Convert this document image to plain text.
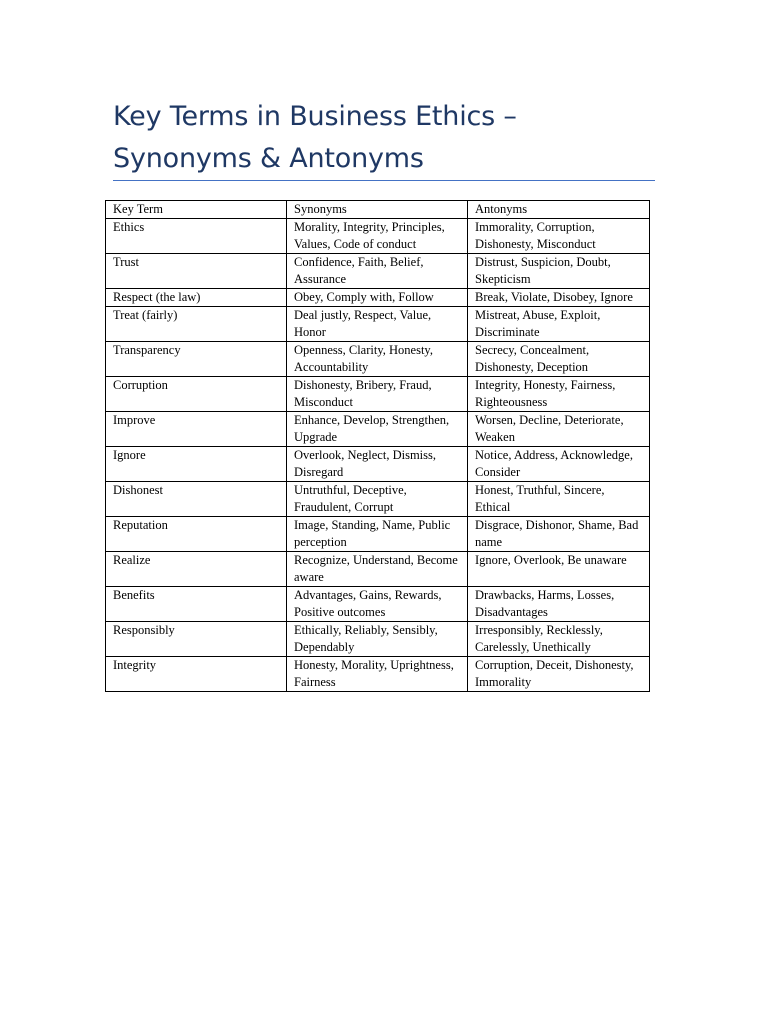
Key Terms in Business Ethics – Synonyms & Antonyms
Key Term	Synonyms	Antonyms
Ethics	Morality, Integrity, Principles, Values, Code of conduct	Immorality, Corruption, Dishonesty, Misconduct
Trust	Confidence, Faith, Belief, Assurance	Distrust, Suspicion, Doubt, Skepticism
Respect (the law)	Obey, Comply with, Follow	Break, Violate, Disobey, Ignore
Treat (fairly)	Deal justly, Respect, Value, Honor	Mistreat, Abuse, Exploit, Discriminate
Transparency	Openness, Clarity, Honesty, Accountability	Secrecy, Concealment, Dishonesty, Deception
Corruption	Dishonesty, Bribery, Fraud, Misconduct	Integrity, Honesty, Fairness, Righteousness
Improve	Enhance, Develop, Strengthen, Upgrade	Worsen, Decline, Deteriorate, Weaken
Ignore	Overlook, Neglect, Dismiss, Disregard	Notice, Address, Acknowledge, Consider
Dishonest	Untruthful, Deceptive, Fraudulent, Corrupt	Honest, Truthful, Sincere, Ethical
Reputation	Image, Standing, Name, Public perception	Disgrace, Dishonor, Shame, Bad name
Realize	Recognize, Understand, Become aware	Ignore, Overlook, Be unaware
Benefits	Advantages, Gains, Rewards, Positive outcomes	Drawbacks, Harms, Losses, Disadvantages
Responsibly	Ethically, Reliably, Sensibly, Dependably	Irresponsibly, Recklessly, Carelessly, Unethically
Integrity	Honesty, Morality, Uprightness, Fairness	Corruption, Deceit, Dishonesty, Immorality
